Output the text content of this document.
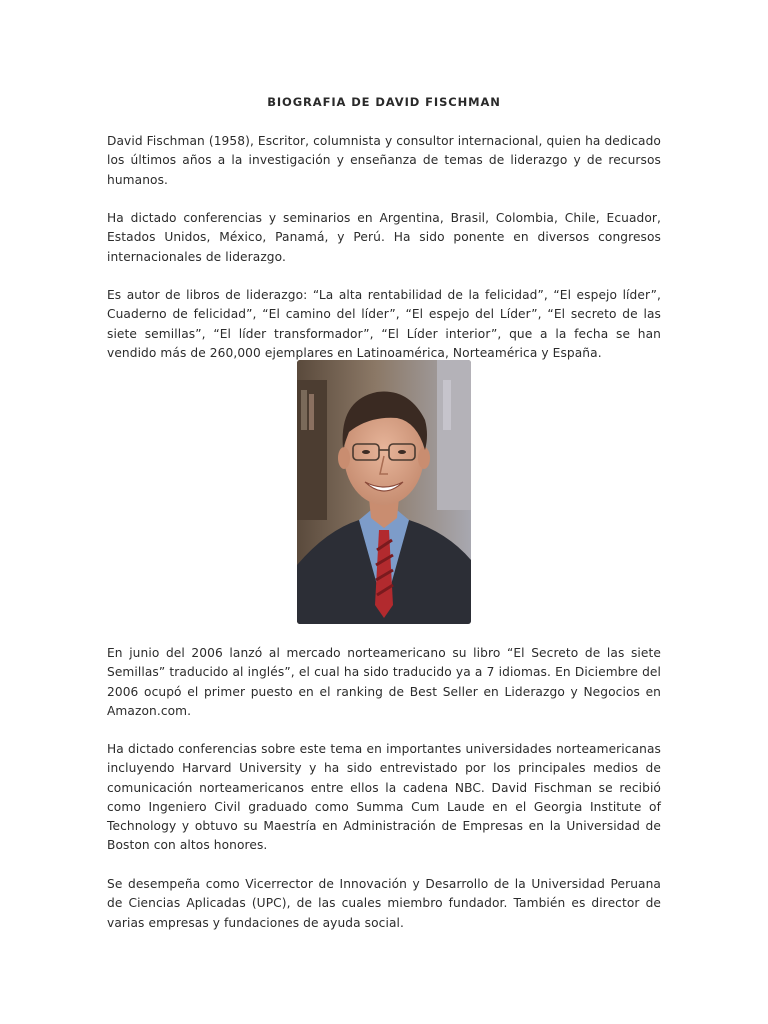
BIOGRAFIA DE DAVID FISCHMAN

David Fischman (1958), Escritor, columnista y consultor internacional, quien ha dedicado los últimos años a la investigación y enseñanza de temas de liderazgo y de recursos humanos.

Ha dictado conferencias y seminarios en Argentina, Brasil, Colombia, Chile, Ecuador, Estados Unidos, México, Panamá, y Perú. Ha sido ponente en diversos congresos internacionales de liderazgo.

Es autor de libros de liderazgo: “La alta rentabilidad de la felicidad”, “El espejo líder”, Cuaderno de felicidad”, “El camino del líder”, “El espejo del Líder”, “El secreto de las siete semillas”, “El líder transformador”, “El Líder interior”, que a la fecha se han vendido más de 260,000 ejemplares en Latinoamérica, Norteamérica y España.

En junio del 2006 lanzó al mercado norteamericano su libro “El Secreto de las siete Semillas” traducido al inglés”, el cual ha sido traducido ya a 7 idiomas. En Diciembre del 2006 ocupó el primer puesto en el ranking de Best Seller en Liderazgo y Negocios en Amazon.com.

Ha dictado conferencias sobre este tema en importantes universidades norteamericanas incluyendo Harvard University y ha sido entrevistado por los principales medios de comunicación norteamericanos entre ellos la cadena NBC. David Fischman se recibió como Ingeniero Civil graduado como Summa Cum Laude en el Georgia Institute of Technology y obtuvo su Maestría en Administración de Empresas en la Universidad de Boston con altos honores.

Se desempeña como Vicerrector de Innovación y Desarrollo de la Universidad Peruana de Ciencias Aplicadas (UPC), de las cuales miembro fundador. También es director de varias empresas y fundaciones de ayuda social.
